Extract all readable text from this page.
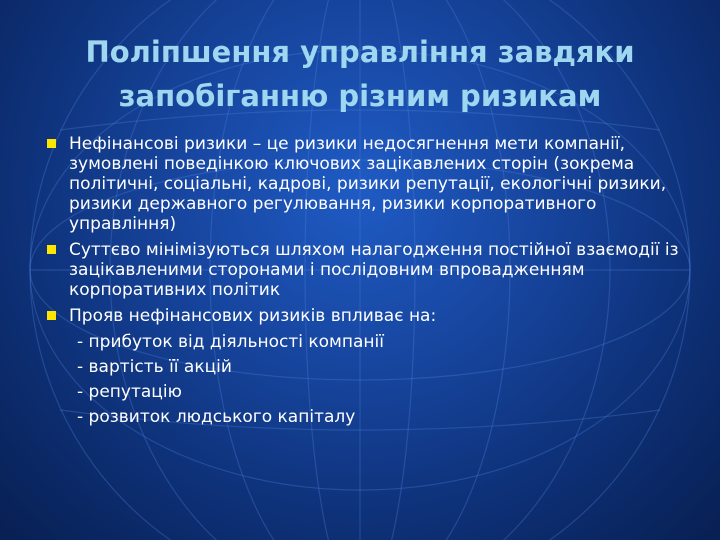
Поліпшення управління завдяки
запобіганню різним ризикам
Нефінансові ризики – це ризики недосягнення мети компанії, зумовлені поведінкою ключових зацікавлених сторін (зокрема політичні, соціальні, кадрові, ризики репутації, екологічні ризики, ризики державного регулювання, ризики корпоративного управління)
Суттєво мінімізуються шляхом налагодження постійної взаємодії із зацікавленими сторонами і послідовним впровадженням корпоративних політик
Прояв нефінансових ризиків впливає на:
- прибуток від діяльності компанії
- вартість її акцій
- репутацію
- розвиток людського капіталу
